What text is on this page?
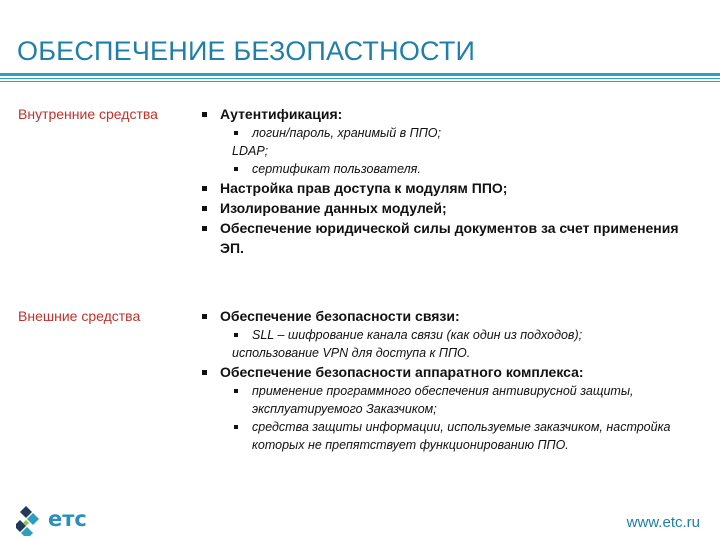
ОБЕСПЕЧЕНИЕ БЕЗОПАСТНОСТИ
Внутренние средства	Аутентификация:
логин/пароль, хранимый в ППО;
LDAP;
сертификат пользователя.
Настройка прав доступа к модулям ППО;
Изолирование данных модулей;
Обеспечение юридической силы документов за счет применения ЭП.
Внешние средства	Обеспечение безопасности связи:
SLL – шифрование канала связи (как один из подходов);
использование VPN для доступа к ППО.
Обеспечение безопасности аппаратного комплекса:
применение программного обеспечения антивирусной защиты, эксплуатируемого Заказчиком;
средства защиты информации, используемые заказчиком, настройка которых не препятствует функционированию ППО.
етс	www.etc.ru
